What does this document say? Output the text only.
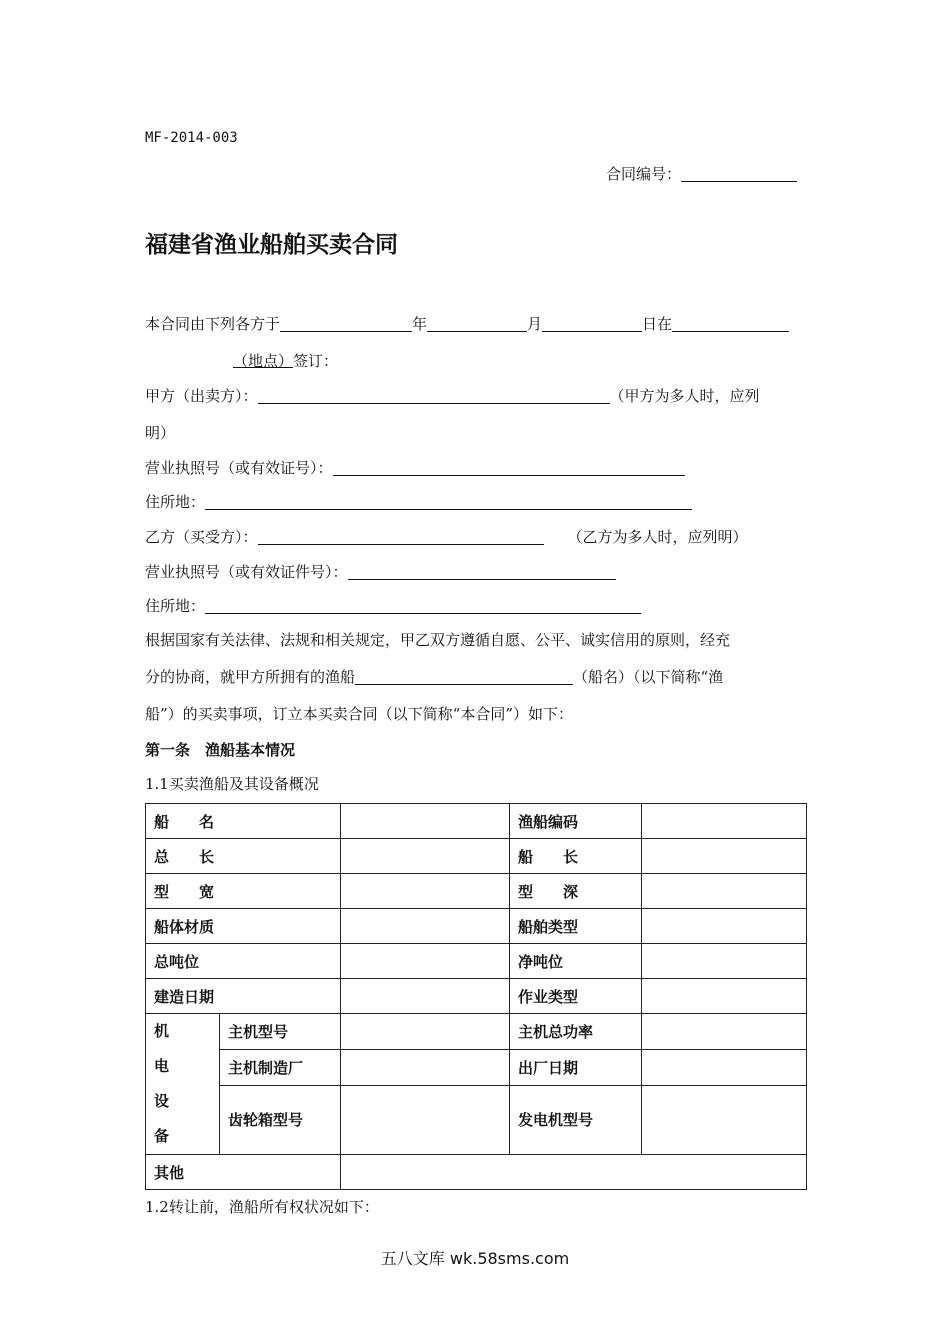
MF-2014-003
合同编号：
福建省渔业船舶买卖合同
本合同由下列各方于	年	月	日在
（地点）签订：
甲方（出卖方）：	（甲方为多人时，应列
明）
营业执照号（或有效证号）：
住所地：
乙方（买受方）：	（乙方为多人时，应列明）
营业执照号（或有效证件号）：
住所地：
根据国家有关法律、法规和相关规定，甲乙双方遵循自愿、公平、诚实信用的原则，经充
分的协商，就甲方所拥有的渔船	（船名）（以下简称“渔
船”）的买卖事项，订立本买卖合同（以下简称“本合同”）如下：
第一条　渔船基本情况
1.1买卖渔船及其设备概况
船　　名			渔船编码	
总　　长			船　　长	
型　　宽			型　　深	
船体材质			船舶类型	
总吨位			净吨位	
建造日期			作业类型	

机
电
设
备	主机型号		主机总功率	
	主机制造厂		出厂日期	
	齿轮箱型号		发电机型号	
其他				
1.2转让前，渔船所有权状况如下：
五八文库 wk.58sms.com
